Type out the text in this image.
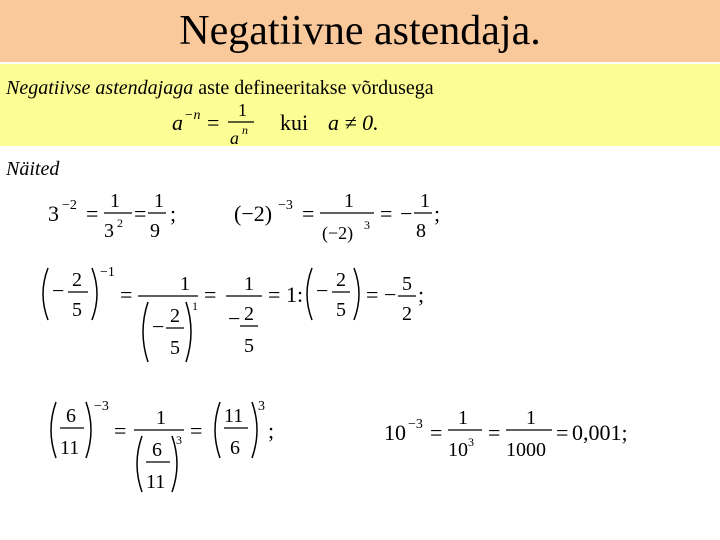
Negatiivne astendaja.
Negatiivse astendajaga aste defineeritakse võrdusega
a −n = 1
a n kui a ≠ 0.
Näited
3 −2 = 1
3 2 = 1
9
;	(−2) −3 = 1
(−2) 3 = − 1
8
;
− 2
5
−1
= 1
− 2
5
1 = 1
− 2
5
= 1: − 2
5
= − 5
2
;
6
11
−3
= 1
6
11
3 =
11
6
3
;	10 −3 =
1
10 3 =
1
1000
= 0,001;
